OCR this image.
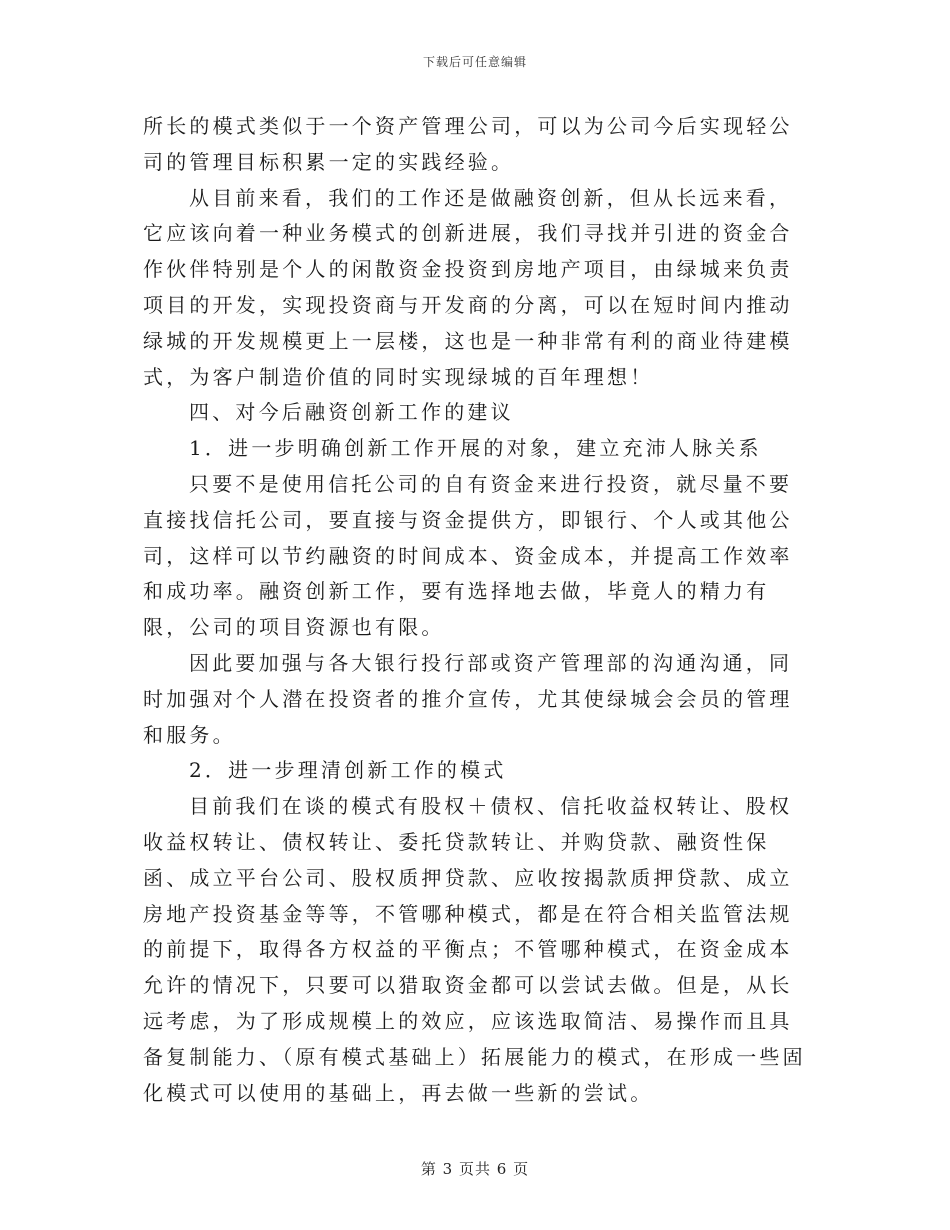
下载后可任意编辑

所长的模式类似于一个资产管理公司，可以为公司今后实现轻公司的管理目标积累一定的实践经验。

从目前来看，我们的工作还是做融资创新，但从长远来看，它应该向着一种业务模式的创新进展，我们寻找并引进的资金合作伙伴特别是个人的闲散资金投资到房地产项目，由绿城来负责项目的开发，实现投资商与开发商的分离，可以在短时间内推动绿城的开发规模更上一层楼，这也是一种非常有利的商业待建模式，为客户制造价值的同时实现绿城的百年理想！

四、对今后融资创新工作的建议

1．进一步明确创新工作开展的对象，建立充沛人脉关系

只要不是使用信托公司的自有资金来进行投资，就尽量不要直接找信托公司，要直接与资金提供方，即银行、个人或其他公司，这样可以节约融资的时间成本、资金成本，并提高工作效率和成功率。融资创新工作，要有选择地去做，毕竟人的精力有限，公司的项目资源也有限。

因此要加强与各大银行投行部或资产管理部的沟通沟通，同时加强对个人潜在投资者的推介宣传，尤其使绿城会会员的管理和服务。

2．进一步理清创新工作的模式

目前我们在谈的模式有股权＋债权、信托收益权转让、股权收益权转让、债权转让、委托贷款转让、并购贷款、融资性保函、成立平台公司、股权质押贷款、应收按揭款质押贷款、成立房地产投资基金等等，不管哪种模式，都是在符合相关监管法规的前提下，取得各方权益的平衡点；不管哪种模式，在资金成本允许的情况下，只要可以猎取资金都可以尝试去做。但是，从长远考虑，为了形成规模上的效应，应该选取简洁、易操作而且具备复制能力、（原有模式基础上）拓展能力的模式，在形成一些固化模式可以使用的基础上，再去做一些新的尝试。

第 3 页共 6 页
